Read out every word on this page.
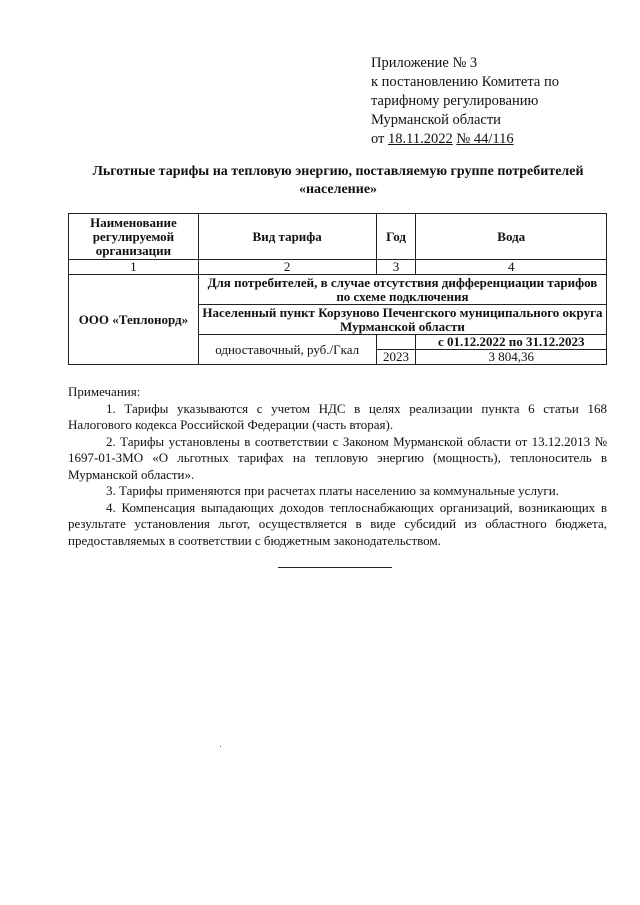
Приложение № 3
к постановлению Комитета по
тарифному регулированию
Мурманской области
от 18.11.2022 № 44/116
Льготные тарифы на тепловую энергию, поставляемую группе потребителей «население»
Наименование регулируемой организации	Вид тарифа	Год	Вода
1	2	3	4
ООО «Теплонорд»	Для потребителей, в случае отсутствия дифференциации тарифов по схеме подключения		
	Населенный пункт Корзуново Печенгского муниципального округа Мурманской области		
	одноставочный, руб./Гкал		с 01.12.2022 по 31.12.2023
		2023	3 804,36
Примечания:

1. Тарифы указываются с учетом НДС в целях реализации пункта 6 статьи 168 Налогового кодекса Российской Федерации (часть вторая).

2. Тарифы установлены в соответствии с Законом Мурманской области от 13.12.2013 № 1697-01-ЗМО «О льготных тарифах на тепловую энергию (мощность), теплоноситель в Мурманской области».

3. Тарифы применяются при расчетах платы населению за коммунальные услуги.

4. Компенсация выпадающих доходов теплоснабжающих организаций, возникающих в результате установления льгот, осуществляется в виде субсидий из областного бюджета, предоставляемых в соответствии с бюджетным законодательством.
